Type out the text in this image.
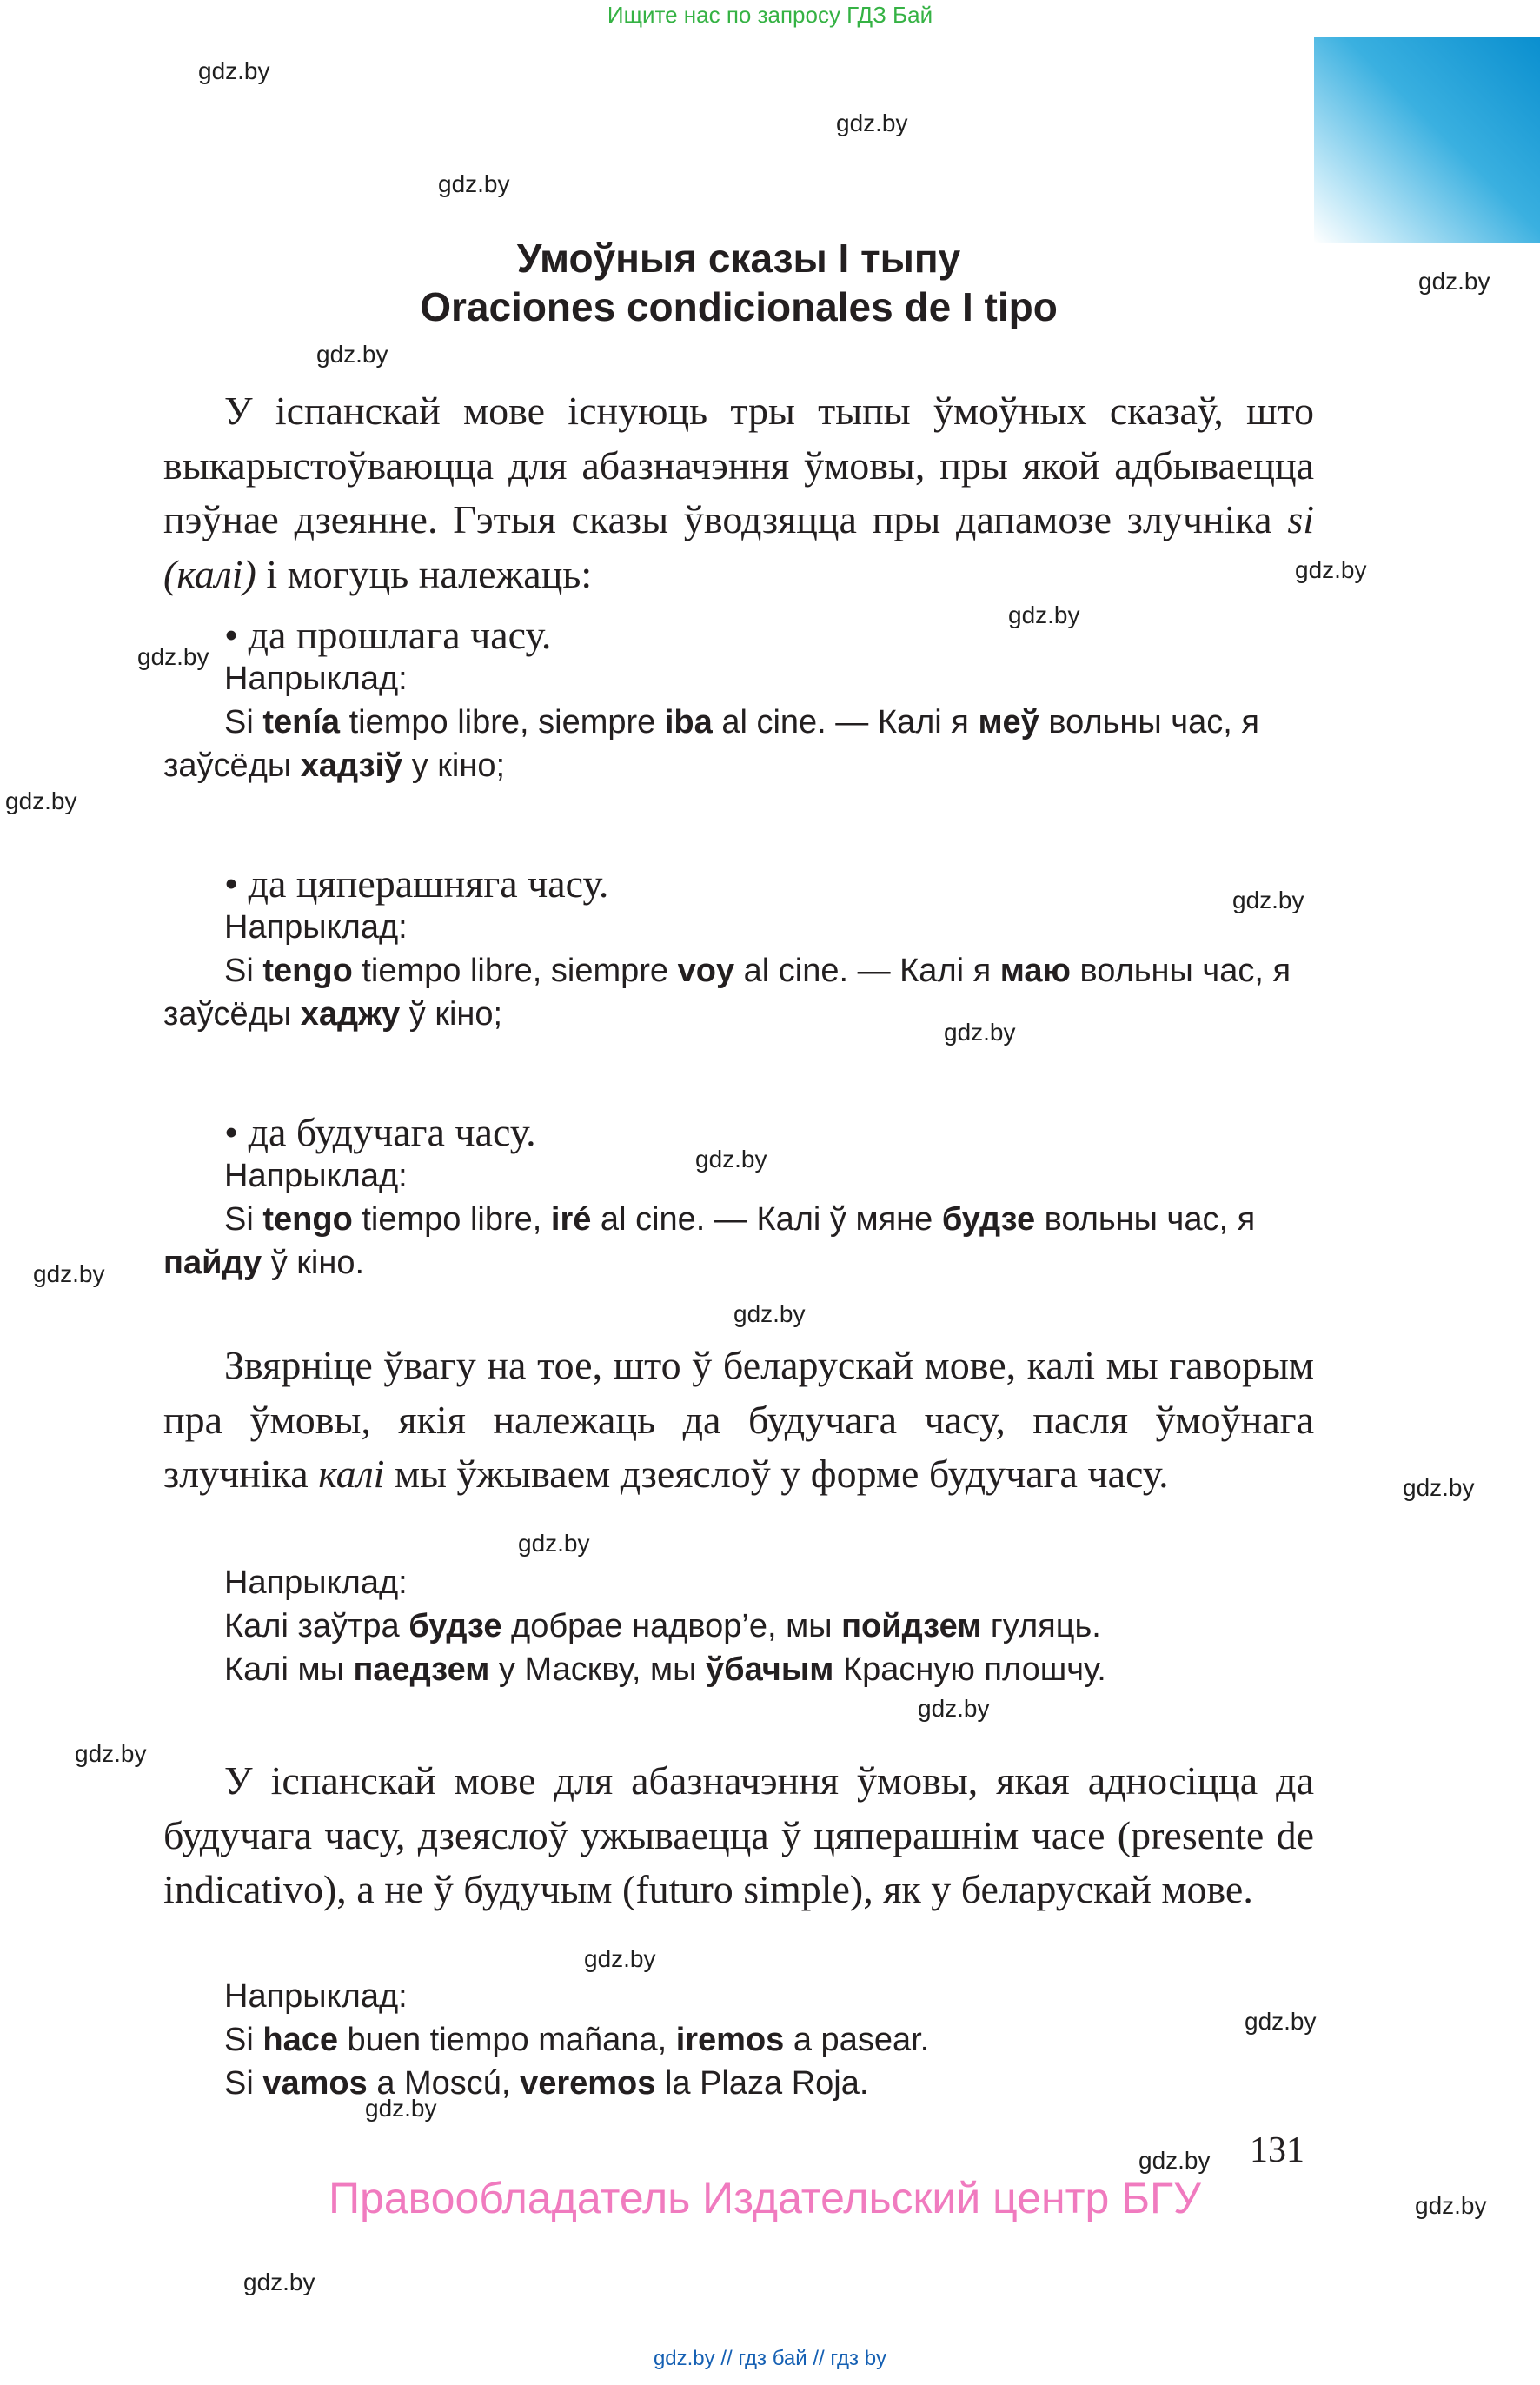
Ищите нас по запросу ГДЗ Бай
gdz.by
gdz.by
gdz.by
gdz.by
gdz.by
gdz.by
gdz.by
gdz.by
gdz.by
gdz.by
gdz.by
gdz.by
gdz.by
gdz.by
gdz.by
gdz.by
gdz.by
gdz.by
gdz.by
gdz.by
gdz.by
gdz.by
gdz.by
gdz.by
Умоўныя сказы I тыпу
Oraciones condicionales de I tipo
У іспанскай мове існуюць тры тыпы ўмоўных сказаў, што выкарыстоўваюцца для абазначэння ўмовы, пры якой адбываецца пэўнае дзеянне. Гэтыя сказы ўводзяцца пры дапамозе злучніка si (калі) і могуць належаць:
• да прошлага часу.
Напрыклад:
Si tenía tiempo libre, siempre iba al cine. — Калі я меў вольны час, я заўсёды хадзіў у кіно;
• да цяперашняга часу.
Напрыклад:
Si tengo tiempo libre, siempre voy al cine. — Калі я маю вольны час, я заўсёды хаджу ў кіно;
• да будучага часу.
Напрыклад:
Si tengo tiempo libre, iré al cine. — Калі ў мяне будзе вольны час, я пайду ў кіно.
Звярніце ўвагу на тое, што ў беларускай мове, калі мы гаворым пра ўмовы, якія належаць да будучага часу, пасля ўмоўнага злучніка калі мы ўжываем дзеяслоў у форме будучага часу.
Напрыклад:
Калі заўтра будзе добрае надвор’е, мы пойдзем гуляць.
Калі мы паедзем у Маскву, мы ўбачым Красную плошчу.
У іспанскай мове для абазначэння ўмовы, якая адносіцца да будучага часу, дзеяслоў ужываецца ў цяперашнім часе (presente de indicativo), а не ў будучым (futuro simple), як у беларускай мове.
Напрыклад:
Si hace buen tiempo mañana, iremos a pasear.
Si vamos a Moscú, veremos la Plaza Roja.
131
Правообладатель Издательский центр БГУ
gdz.by // гдз бай // гдз by
